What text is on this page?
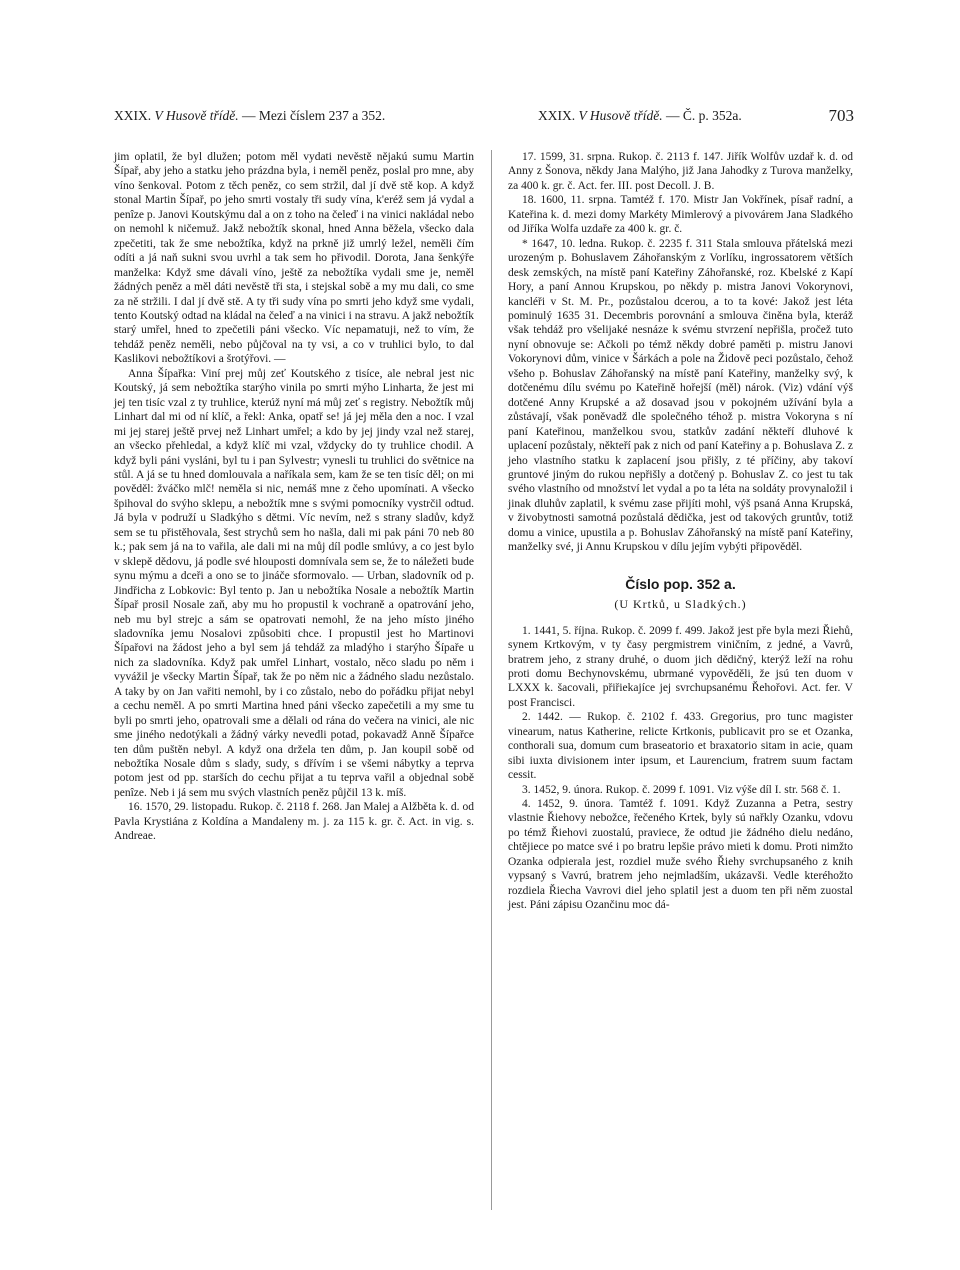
XXIX. V Husově třídě. — Mezi číslem 237 a 352.	XXIX. V Husově třídě. — Č. p. 352a.	703

jim oplatil, že byl dlužen; potom měl vydati nevěstě nějakú sumu Martin Šípař, aby jeho a statku jeho prázdna byla, i neměl peněz, poslal pro mne, aby víno šenkoval. Potom z těch peněz, co sem stržil, dal jí dvě stě kop. A když stonal Martin Šípař, po jeho smrti vostaly tři sudy vína, k'eréž sem já vydal a penîze p. Janovi Koutskýmu dal a on z toho na čeleď i na vinici nakládal nebo on nemohl k ničemuž. Jakž nebožtík skonal, hned Anna běžela, všecko dala zpečetiti, tak že sme nebožtíka, když na prkně již umrlý ležel, neměli čím odíti a já naň sukni svou uvrhl a tak sem ho přivodil. Dorota, Jana šenkýře manželka: Když sme dávali víno, ještě za nebožtíka vydali sme je, neměl žádných peněz a měl dáti nevěstě tři sta, i stejskal sobě a my mu dali, co sme za ně stržili. I dal jí dvě stě. A ty tři sudy vína po smrti jeho když sme vydali, tento Koutský odtad na kládal na čeleď a na vinici i na stravu. A jakž nebožtík starý umřel, hned to zpečetili páni všecko. Víc nepamatuji, než to vím, že tehdáž peněz neměli, nebo půjčoval na ty vsi, a co v truhlici bylo, to dal Kaslikovi nebožtíkovi a šrotýřovi. —

Anna Šípařka: Viní prej můj zeť Koutského z tisíce, ale nebral jest nic Koutský, já sem nebožtíka starýho vinila po smrti mýho Linharta, že jest mi jej ten tisíc vzal z ty truhlice, kterúž nyní má můj zeť s registry. Nebožtík můj Linhart dal mi od ní klíč, a řekl: Anka, opatř se! já jej měla den a noc. I vzal mi jej starej ještě prvej než Linhart umřel; a kdo by jej jindy vzal než starej, an všecko přehledal, a když klíč mi vzal, vždycky do ty truhlice chodil. A když byli páni vysláni, byl tu i pan Sylvestr; vynesli tu truhlici do světnice na stůl. A já se tu hned domlouvala a naříkala sem, kam že se ten tisíc děl; on mi pověděl: žváčko mlč! neměla si nic, nemáš mne z čeho upomínati. A všecko špihoval do svýho sklepu, a nebožtík mne s svými pomocníky vystrčil odtud. Já byla v podruží u Sladkýho s dětmi. Víc nevím, než s strany sladův, když sem se tu přistěhovala, šest strychů sem ho našla, dali mi pak páni 70 neb 80 k.; pak sem já na to vařila, ale dali mi na můj díl podle smlúvy, a co jest bylo v sklepě dědovu, já podle své hlouposti domnívala sem se, že to náležeti bude synu mýmu a dceři a ono se to jináče sformovalo. — Urban, sladovník od p. Jindřicha z Lobkovic: Byl tento p. Jan u nebožtíka Nosale a nebožtík Martin Šípař prosil Nosale zaň, aby mu ho propustil k vochraně a opatrování jeho, neb mu byl strejc a sám se opatrovati nemohl, že na jeho místo jiného sladovníka jemu Nosalovi způsobiti chce. I propustil jest ho Martinovi Šípařovi na žádost jeho a byl sem já tehdáž za mladýho i starýho Šípaře u nich za sladovníka. Když pak umřel Linhart, vostalo, něco sladu po něm i vyvážil je všecky Martin Šípař, tak že po něm nic a žádného sladu nezůstalo. A taky by on Jan vařiti nemohl, by i co zůstalo, nebo do pořádku přijat nebyl a cechu neměl. A po smrti Martina hned páni všecko zapečetili a my sme tu byli po smrti jeho, opatrovali sme a dělali od rána do večera na vinici, ale nic sme jiného nedotýkali a žádný várky nevedli potad, pokavadž Anně Šípařce ten dům puštěn nebyl. A když ona držela ten dům, p. Jan koupil sobě od nebožtíka Nosale dům s slady, sudy, s dřívím i se všemi nábytky a teprva potom jest od pp. starších do cechu přijat a tu teprva vařil a objednal sobě penîze. Neb i já sem mu svých vlastních peněz půjčil 13 k. míš.

16. 1570, 29. listopadu. Rukop. č. 2118 f. 268. Jan Malej a Alžběta k. d. od Pavla Krystiána z Koldína a Mandaleny m. j. za 115 k. gr. č. Act. in vig. s. Andreae.

17. 1599, 31. srpna. Rukop. č. 2113 f. 147. Jiřík Wolfův uzdař k. d. od Anny z Šonova, někdy Jana Malýho, již Jana Jahodky z Turova manželky, za 400 k. gr. č. Act. fer. III. post Decoll. J. B.

18. 1600, 11. srpna. Tamtéž f. 170. Mistr Jan Vokřínek, písař radní, a Kateřina k. d. mezi domy Markéty Mimlerový a pivovárem Jana Sladkého od Jiříka Wolfa uzdaře za 400 k. gr. č.

* 1647, 10. ledna. Rukop. č. 2235 f. 311 Stala smlouva přátelská mezi urozeným p. Bohuslavem Záhořanským z Vorlíku, ingrossatorem větších desk zemských, na místě paní Kateřiny Záhořanské, roz. Kbelské z Kapí Hory, a paní Annou Krupskou, po někdy p. mistra Janovi Vokorynovi, kancléři v St. M. Pr., pozůstalou dcerou, a to ta kové: Jakož jest léta pominulý 1635 31. Decembris porovnání a smlouva činěna byla, kteráž však tehdáž pro všelijaké nesnáze k svému stvrzení nepřišla, pročež tuto nyní obnovuje se: Ačkoli po témž někdy dobré paměti p. mistru Janovi Vokorynovi dům, vinice v Šárkách a pole na Židově peci pozůstalo, čehož všeho p. Bohuslav Záhořanský na místě paní Kateřiny, manželky svý, k dotčenému dílu svému po Kateřině hořejší (měl) nárok. (Viz) vdání výš dotčené Anny Krupské a až dosavad jsou v pokojném užívání byla a zůstávají, však poněvadž dle společného téhož p. mistra Vokoryna s ní paní Kateřinou, manželkou svou, statkův zadání někteří dluhové k uplacení pozůstaly, někteří pak z nich od paní Kateřiny a p. Bohuslava Z. z jeho vlastního statku k zaplacení jsou přišly, z té příčiny, aby takoví gruntové jiným do rukou nepřišly a dotčený p. Bohuslav Z. co jest tu tak svého vlastního od množství let vydal a po ta léta na soldáty provynaložil i jinak dluhův zaplatil, k svému zase přijíti mohl, výš psaná Anna Krupská, v živobytnosti samotná pozůstalá dědička, jest od takových gruntův, totiž domu a vinice, upustila a p. Bohuslav Záhořanský na místě paní Kateřiny, manželky své, ji Annu Krupskou v dílu jejím vybýti připověděl.

Číslo pop. 352 a.
(U Krtků, u Sladkých.)

1. 1441, 5. října. Rukop. č. 2099 f. 499. Jakož jest pře byla mezi Řiehů, synem Krtkovým, v ty časy pergmistrem viničním, z jedné, a Vavrů, bratrem jeho, z strany druhé, o duom jich dědičný, kterýž leží na rohu proti domu Bechynovskému, ubrmané vypověděli, že jsú ten duom v LXXX k. šacovali, přiřiekajíce jej svrchupsanému Řehořovi. Act. fer. V post Francisci.

2. 1442. — Rukop. č. 2102 f. 433. Gregorius, pro tunc magister vinearum, natus Katherine, relicte Krtkonis, publicavit pro se et Ozanka, conthorali sua, domum cum braseatorio et braxatorio sitam in acie, quam sibi iuxta divisionem inter ipsum, et Laurencium, fratrem suum factam cessit.

3. 1452, 9. února. Rukop. č. 2099 f. 1091. Viz výše díl I. str. 568 č. 1.

4. 1452, 9. února. Tamtéž f. 1091. Když Zuzanna a Petra, sestry vlastnie Řiehovy nebožce, řečeného Krtek, byly sú nařkly Ozanku, vdovu po témž Řiehovi zuostalú, praviece, že odtud jie žádného dielu nedáno, chtějiece po matce své i po bratru lepšie právo mieti k domu. Proti nimžto Ozanka odpierala jest, rozdiel muže svého Řiehy svrchupsaného z knih vypsaný s Vavrú, bratrem jeho nejmladším, ukázavši. Vedle kteréhožto rozdiela Řiecha Vavrovi diel jeho splatil jest a duom ten při něm zuostal jest. Páni zápisu Ozančinu moc dá-
